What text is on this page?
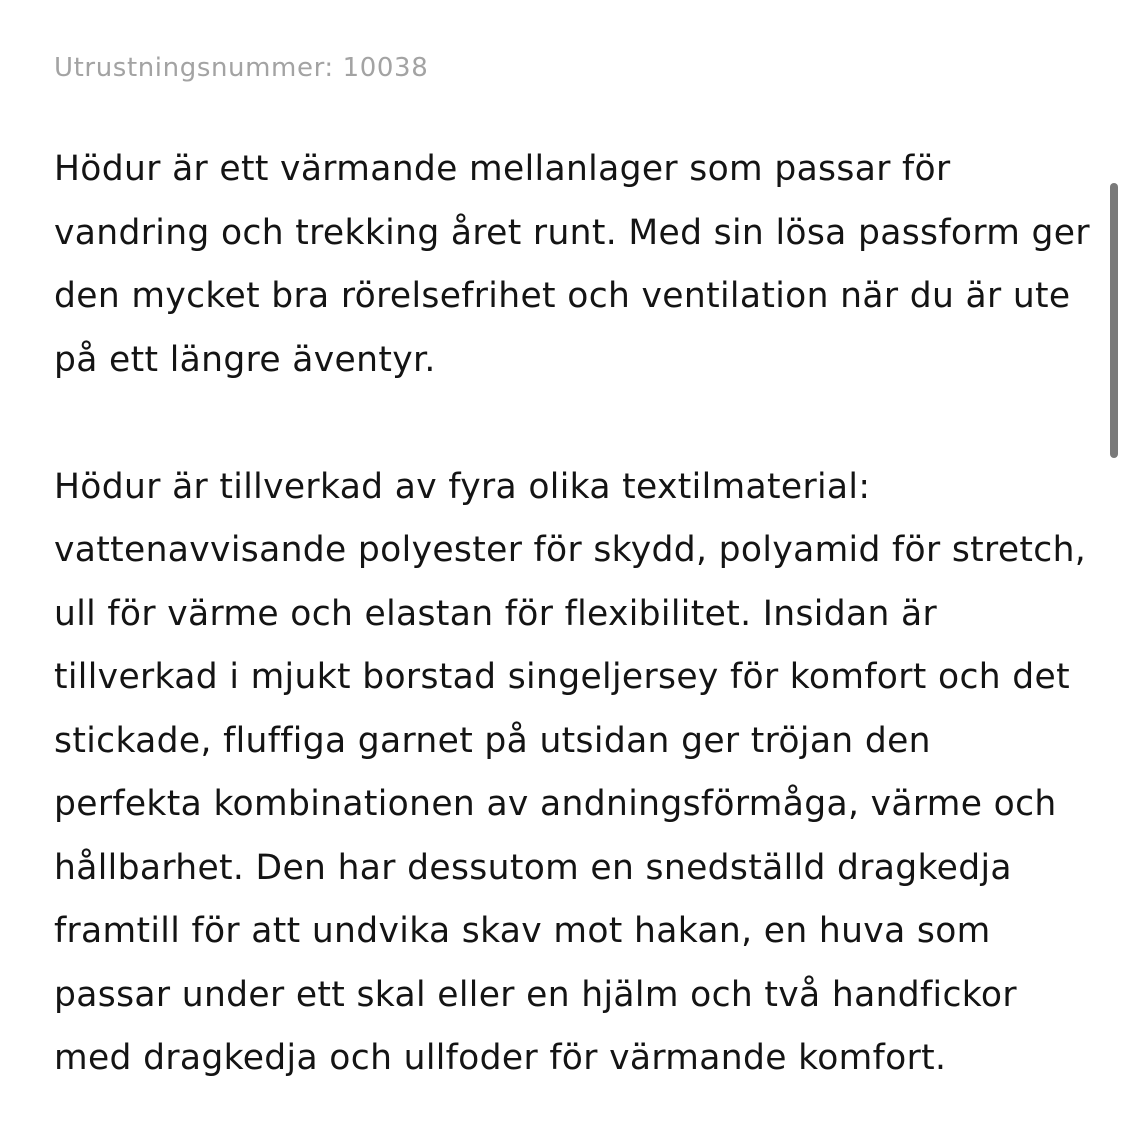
Utrustningsnummer: 10038

Hödur är ett värmande mellanlager som passar för
vandring och trekking året runt. Med sin lösa passform ger
den mycket bra rörelsefrihet och ventilation när du är ute
på ett längre äventyr.

Hödur är tillverkad av fyra olika textilmaterial:
vattenavvisande polyester för skydd, polyamid för stretch,
ull för värme och elastan för flexibilitet. Insidan är
tillverkad i mjukt borstad singeljersey för komfort och det
stickade, fluffiga garnet på utsidan ger tröjan den
perfekta kombinationen av andningsförmåga, värme och
hållbarhet. Den har dessutom en snedställd dragkedja
framtill för att undvika skav mot hakan, en huva som
passar under ett skal eller en hjälm och två handfickor
med dragkedja och ullfoder för värmande komfort.
